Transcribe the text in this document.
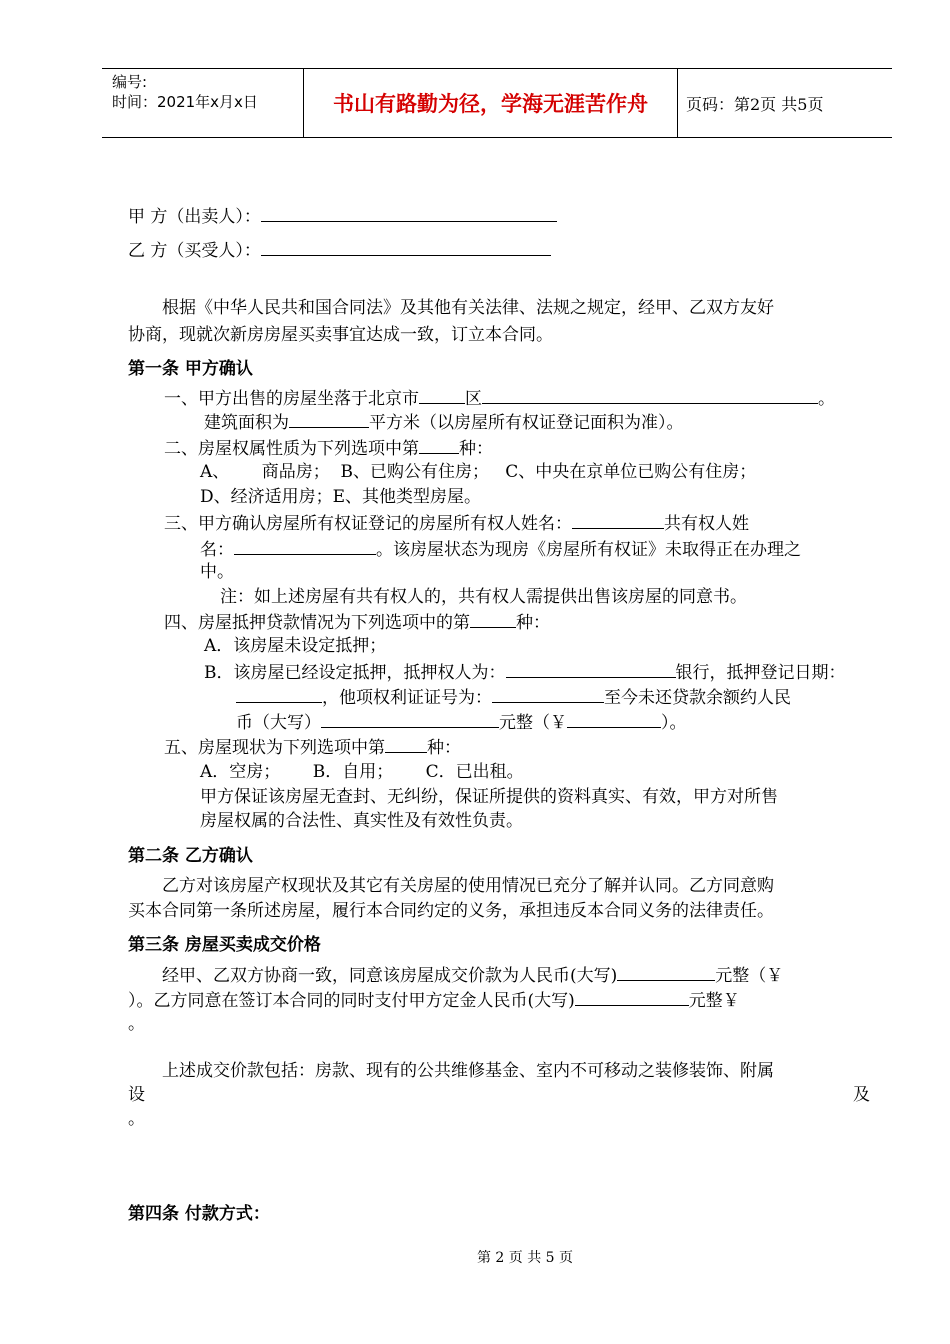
编号:
时间：2021年x月x日	书山有路勤为径，学海无涯苦作舟	页码：第2页 共5页
甲 方（出卖人）：
乙 方（买受人）：
根据《中华人民共和国合同法》及其他有关法律、法规之规定，经甲、乙双方友好
协商，现就次新房房屋买卖事宜达成一致，订立本合同。
第一条 甲方确认
一、甲方出售的房屋坐落于北京市	区	。
建筑面积为	平方米（以房屋所有权证登记面积为准）。
二、房屋权属性质为下列选项中第 种：
A、      商品房；  B、已购公有住房；   C、中央在京单位已购公有住房；
D、经济适用房；E、其他类型房屋。
三、甲方确认房屋所有权证登记的房屋所有权人姓名：	共有权人姓
名：	。该房屋状态为现房《房屋所有权证》未取得正在办理之
中。
注：如上述房屋有共有权人的，共有权人需提供出售该房屋的同意书。
四、房屋抵押贷款情况为下列选项中的第	种：
A．该房屋未设定抵押；
B．该房屋已经设定抵押，抵押权人为：	银行，抵押登记日期：
，他项权利证证号为：	至今未还贷款余额约人民
币（大写）	元整（￥	）。
五、房屋现状为下列选项中第 种：
A．空房；      B．自用；      C．已出租。
甲方保证该房屋无查封、无纠纷，保证所提供的资料真实、有效，甲方对所售
房屋权属的合法性、真实性及有效性负责。
第二条 乙方确认
乙方对该房屋产权现状及其它有关房屋的使用情况已充分了解并认同。乙方同意购
买本合同第一条所述房屋，履行本合同约定的义务，承担违反本合同义务的法律责任。
第三条 房屋买卖成交价格
经甲、乙双方协商一致，同意该房屋成交价款为人民币(大写)	元整（￥
）。乙方同意在签订本合同的同时支付甲方定金人民币(大写)	元整￥
。
上述成交价款包括：房款、现有的公共维修基金、室内不可移动之装修装饰、附属
设	及
。
第四条 付款方式：
第 2 页 共 5 页
